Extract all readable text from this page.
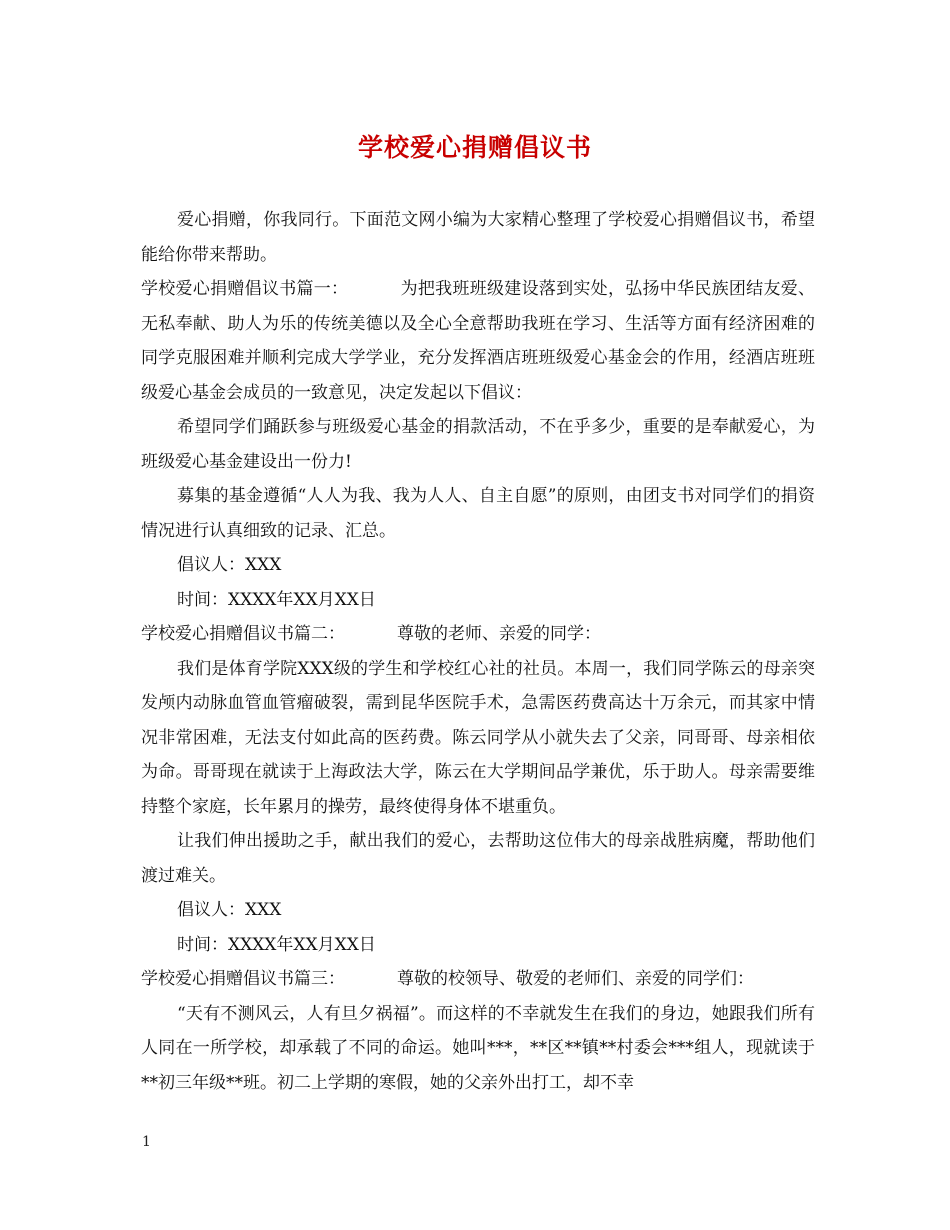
学校爱心捐赠倡议书

爱心捐赠，你我同行。下面范文网小编为大家精心整理了学校爱心捐赠倡议书，希望能给你带来帮助。

学校爱心捐赠倡议书篇一：	为把我班班级建设落到实处，弘扬中华民族团结友爱、无私奉献、助人为乐的传统美德以及全心全意帮助我班在学习、生活等方面有经济困难的同学克服困难并顺利完成大学学业，充分发挥酒店班班级爱心基金会的作用，经酒店班班级爱心基金会成员的一致意见，决定发起以下倡议：

希望同学们踊跃参与班级爱心基金的捐款活动，不在乎多少，重要的是奉献爱心，为班级爱心基金建设出一份力!

募集的基金遵循“人人为我、我为人人、自主自愿”的原则，由团支书对同学们的捐资情况进行认真细致的记录、汇总。

倡议人：XXX

时间：XXXX年XX月XX日

学校爱心捐赠倡议书篇二：	尊敬的老师、亲爱的同学：

我们是体育学院XXX级的学生和学校红心社的社员。本周一，我们同学陈云的母亲突发颅内动脉血管血管瘤破裂，需到昆华医院手术，急需医药费高达十万余元，而其家中情况非常困难，无法支付如此高的医药费。陈云同学从小就失去了父亲，同哥哥、母亲相依为命。哥哥现在就读于上海政法大学，陈云在大学期间品学兼优，乐于助人。母亲需要维持整个家庭，长年累月的操劳，最终使得身体不堪重负。

让我们伸出援助之手，献出我们的爱心，去帮助这位伟大的母亲战胜病魔，帮助他们渡过难关。

倡议人：XXX

时间：XXXX年XX月XX日

学校爱心捐赠倡议书篇三：	尊敬的校领导、敬爱的老师们、亲爱的同学们：

“天有不测风云，人有旦夕祸福”。而这样的不幸就发生在我们的身边，她跟我们所有人同在一所学校，却承载了不同的命运。她叫***，**区**镇**村委会***组人，现就读于**初三年级**班。初二上学期的寒假，她的父亲外出打工，却不幸

1
